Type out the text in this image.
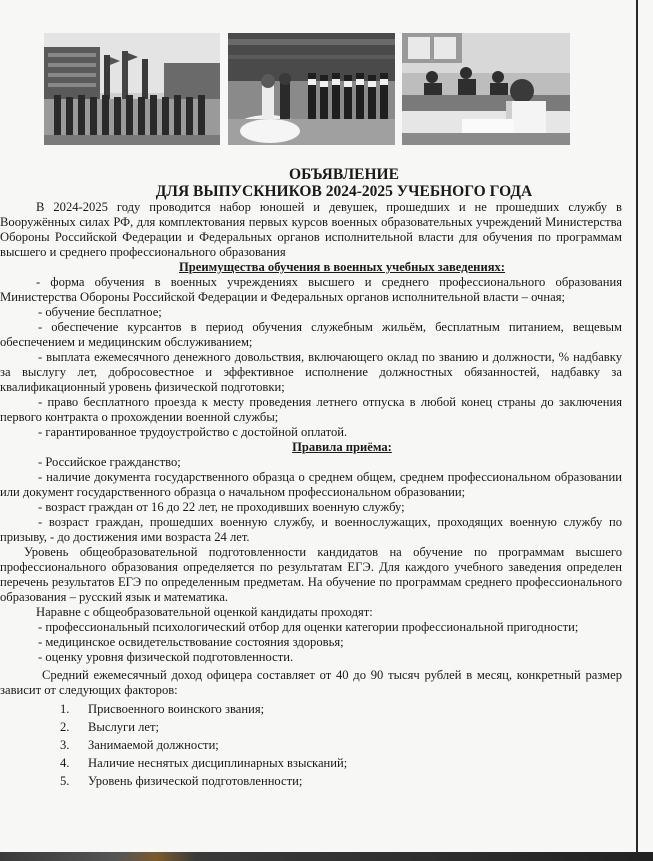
ОБЪЯВЛЕНИЕ

ДЛЯ ВЫПУСКНИКОВ 2024-2025 УЧЕБНОГО ГОДА

В 2024-2025 году проводится набор юношей и девушек, прошедших и не прошедших службу в Вооружённых силах РФ, для комплектования первых курсов военных образовательных учреждений Министерства Обороны Российской Федерации и Федеральных органов исполнительной власти для обучения по программам высшего и среднего профессионального образования

Преимущества обучения в военных учебных заведениях:

- форма обучения в военных учреждениях высшего и среднего профессионального образования Министерства Обороны Российской Федерации и Федеральных органов исполнительной власти – очная;

- обучение бесплатное;

- обеспечение курсантов в период обучения служебным жильём, бесплатным питанием, вещевым обеспечением и медицинским обслуживанием;

- выплата ежемесячного денежного довольствия, включающего оклад по званию и должности, % надбавку за выслугу лет, добросовестное и эффективное исполнение должностных обязанностей, надбавку за квалификационный уровень физической подготовки;

- право бесплатного проезда к месту проведения летнего отпуска в любой конец страны до заключения первого контракта о прохождении военной службы;

- гарантированное трудоустройство с достойной оплатой.

Правила приёма:

- Российское гражданство;

- наличие документа государственного образца о среднем общем, среднем профессиональном образовании или документ государственного образца о начальном профессиональном образовании;

- возраст граждан от 16 до 22 лет, не проходивших военную службу;

- возраст граждан, прошедших военную службу, и военнослужащих, проходящих военную службу по призыву, - до достижения ими возраста 24 лет.

Уровень общеобразовательной подготовленности кандидатов на обучение по программам высшего профессионального образования определяется по результатам ЕГЭ. Для каждого учебного заведения определен перечень результатов ЕГЭ по определенным предметам. На обучение по программам среднего профессионального образования – русский язык и математика.

Наравне с общеобразовательной оценкой кандидаты проходят:

- профессиональный психологический отбор для оценки категории профессиональной пригодности;

- медицинское освидетельствование состояния здоровья;

- оценку уровня физической подготовленности.

Средний ежемесячный доход офицера составляет от 40 до 90 тысяч рублей в месяц, конкретный размер зависит от следующих факторов:

1. Присвоенного воинского звания;
2. Выслуги лет;
3. Занимаемой должности;
4. Наличие неснятых дисциплинарных взысканий;
5. Уровень физической подготовленности;
